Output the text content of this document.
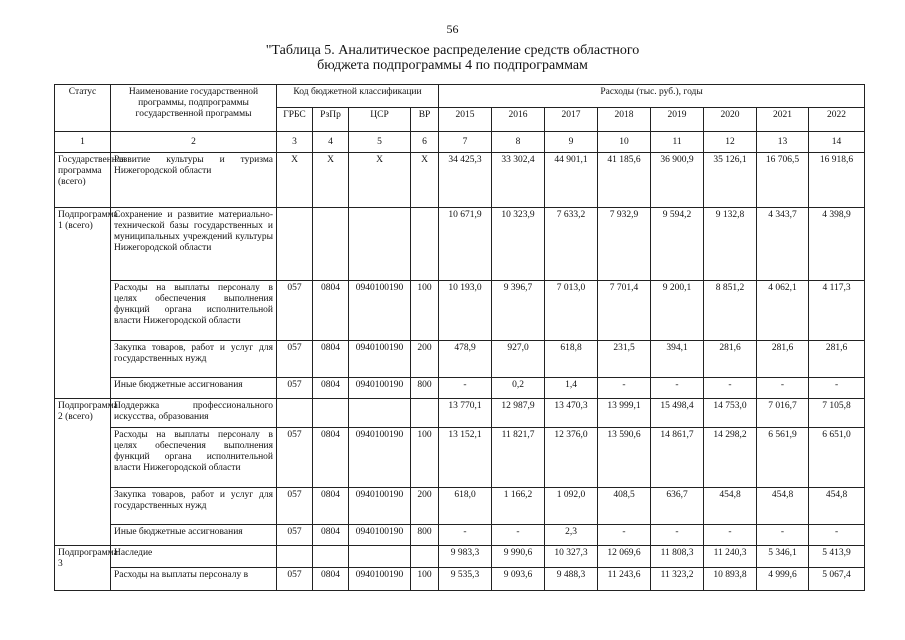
56
"Таблица 5. Аналитическое распределение средств областного
бюджета подпрограммы 4 по подпрограммам
Статус	Наименование государственной программы, подпрограммы государственной программы	Код бюджетной классификации				Расходы (тыс. руб.), годы							
		ГРБС	РзПр	ЦСР	ВР	2015	2016	2017	2018	2019	2020	2021	2022
1	2	3	4	5	6	7	8	9	10	11	12	13	14
Государственная программа (всего)	Развитие культуры и туризма Нижегородской области	X	X	X	X	34 425,3	33 302,4	44 901,1	41 185,6	36 900,9	35 126,1	16 706,5	16 918,6
Подпрограмма 1 (всего)	Сохранение и развитие материально-технической базы государственных и муниципальных учреждений культуры Нижегородской области					10 671,9	10 323,9	7 633,2	7 932,9	9 594,2	9 132,8	4 343,7	4 398,9
	Расходы на выплаты персоналу в целях обеспечения выполнения функций органа исполнительной власти Нижегородской области	057	0804	0940100190	100	10 193,0	9 396,7	7 013,0	7 701,4	9 200,1	8 851,2	4 062,1	4 117,3
	Закупка товаров, работ и услуг для государственных нужд	057	0804	0940100190	200	478,9	927,0	618,8	231,5	394,1	281,6	281,6	281,6
	Иные бюджетные ассигнования	057	0804	0940100190	800	-	0,2	1,4	-	-	-	-	-
Подпрограмма 2 (всего)	Поддержка профессионального искусства, образования					13 770,1	12 987,9	13 470,3	13 999,1	15 498,4	14 753,0	7 016,7	7 105,8
	Расходы на выплаты персоналу в целях обеспечения выполнения функций органа исполнительной власти Нижегородской области	057	0804	0940100190	100	13 152,1	11 821,7	12 376,0	13 590,6	14 861,7	14 298,2	6 561,9	6 651,0
	Закупка товаров, работ и услуг для государственных нужд	057	0804	0940100190	200	618,0	1 166,2	1 092,0	408,5	636,7	454,8	454,8	454,8
	Иные бюджетные ассигнования	057	0804	0940100190	800	-	-	2,3	-	-	-	-	-
Подпрограмма 3	Наследие					9 983,3	9 990,6	10 327,3	12 069,6	11 808,3	11 240,3	5 346,1	5 413,9
	Расходы на выплаты персоналу в	057	0804	0940100190	100	9 535,3	9 093,6	9 488,3	11 243,6	11 323,2	10 893,8	4 999,6	5 067,4
